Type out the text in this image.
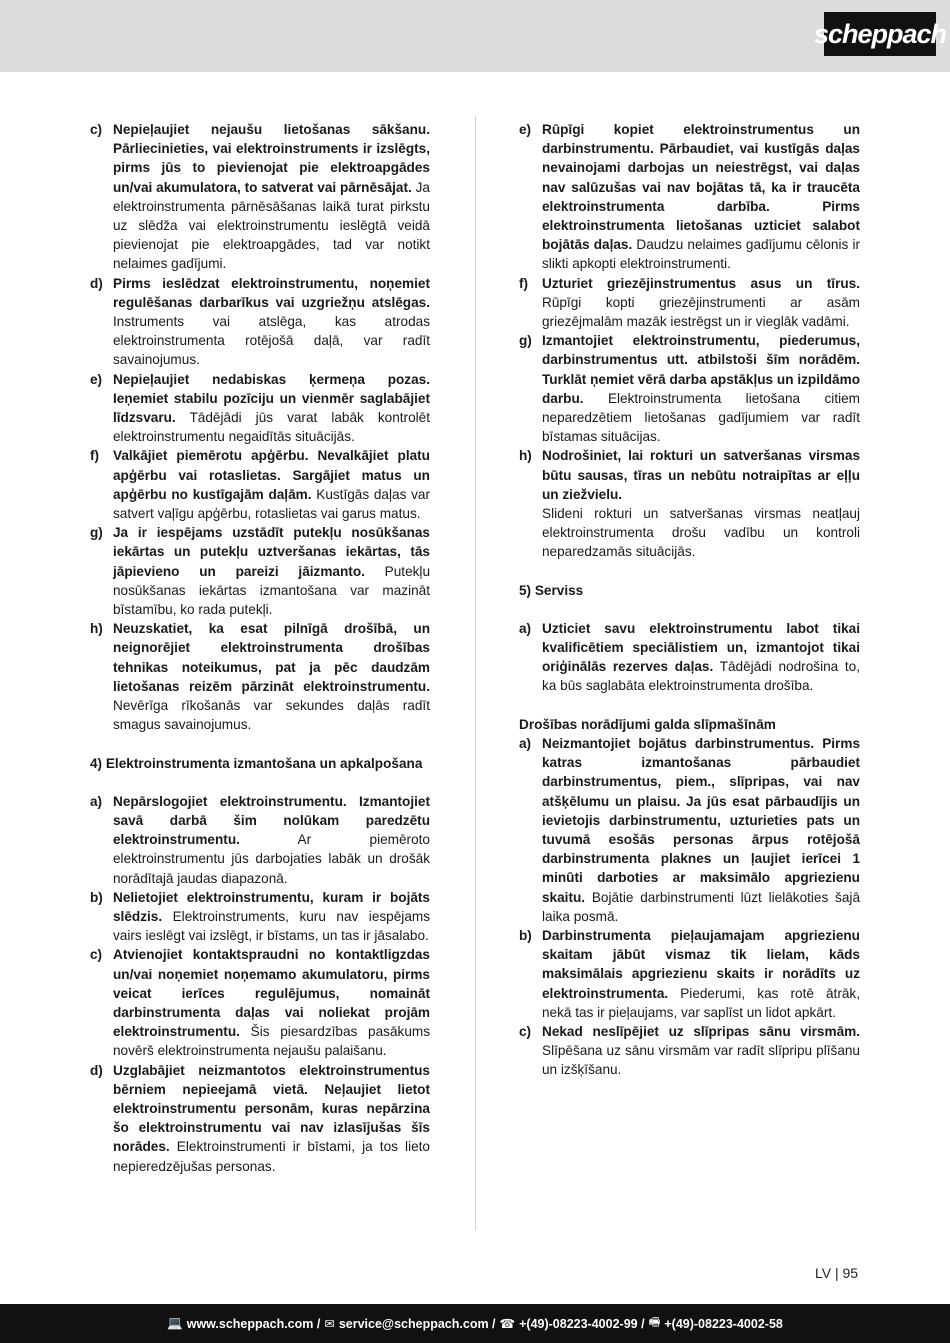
scheppach
c) Nepieļaujiet nejaušu lietošanas sākšanu. Pārliecinieties, vai elektroinstruments ir izslēgts, pirms jūs to pievienojat pie elektroapgādes un/vai akumulatora, to satverat vai pārnēsājat. Ja elektroinstrumenta pārnēsāšanas laikā turat pirkstu uz slēdža vai elektroinstrumentu ieslēgtā veidā pievienojat pie elektroapgādes, tad var notikt nelaimes gadījumi.
d) Pirms ieslēdzat elektroinstrumentu, noņemiet regulēšanas darbarīkus vai uzgriežņu atslēgas. Instruments vai atslēga, kas atrodas elektroinstrumenta rotējošā daļā, var radīt savainojumus.
e) Nepieļaujiet nedabiskas ķermeņa pozas. Ieņemiet stabilu pozīciju un vienmēr saglabājiet līdzsvaru. Tādējādi jūs varat labāk kontrolēt elektroinstrumentu negaidītās situācijās.
f)	Valkājiet piemērotu apģērbu. Nevalkājiet platu apģērbu vai rotaslietas. Sargājiet matus un apģērbu no kustīgajām daļām. Kustīgās daļas var satvert vaļīgu apģērbu, rotaslietas vai garus matus.
g) Ja ir iespējams uzstādīt putekļu nosūkšanas iekārtas un putekļu uztveršanas iekārtas, tās jāpievieno un pareizi jāizmanto. Putekļu nosūkšanas iekārtas izmantošana var mazināt bīstamību, ko rada putekļi.
h) Neuzskatiet, ka esat pilnīgā drošībā, un neignorējiet elektroinstrumenta drošības tehnikas noteikumus, pat ja pēc daudzām lietošanas reizēm pārzināt elektroinstrumentu. Nevērīga rīkošanās var sekundes daļās radīt smagus savainojumus.
4) Elektroinstrumenta izmantošana un apkalpošana
a) Nepārslogojiet elektroinstrumentu. Izmantojiet savā darbā šim nolūkam paredzētu elektroinstrumentu. Ar piemēroto elektroinstrumentu jūs darbojaties labāk un drošāk norādītajā jaudas diapazonā.
b) Nelietojiet elektroinstrumentu, kuram ir bojāts slēdzis. Elektroinstruments, kuru nav iespējams vairs ieslēgt vai izslēgt, ir bīstams, un tas ir jāsalabo.
c) Atvienojiet kontaktspraudni no kontaktligzdas un/vai noņemiet noņemamo akumulatoru, pirms veicat ierīces regulējumus, nomaināt darbinstrumenta daļas vai noliekat projām elektroinstrumentu. Šis piesardzības pasākums novērš elektroinstrumenta nejaušu palaišanu.
d) Uzglabājiet neizmantotos elektroinstrumentus bērniem nepieejamā vietā. Neļaujiet lietot elektroinstrumentu personām, kuras nepārzina šo elektroinstrumentu vai nav izlasījušas šīs norādes. Elektroinstrumenti ir bīstami, ja tos lieto nepieredzējušas personas.
e) Rūpīgi kopiet elektroinstrumentus un darbinstrumentu. Pārbaudiet, vai kustīgās daļas nevainojami darbojas un neiestrēgst, vai daļas nav salūzušas vai nav bojātas tā, ka ir traucēta elektroinstrumenta darbība. Pirms elektroinstrumenta lietošanas uzticiet salabot bojātās daļas. Daudzu nelaimes gadījumu cēlonis ir slikti apkopti elektroinstrumenti.
f)	Uzturiet griezējinstrumentus asus un tīrus. Rūpīgi kopti griezējinstrumenti ar asām griezējmalām mazāk iestrēgst un ir vieglāk vadāmi.
g) Izmantojiet elektroinstrumentu, piederumus, darbinstrumentus utt. atbilstoši šīm norādēm. Turklāt ņemiet vērā darba apstākļus un izpildāmo darbu. Elektroinstrumenta lietošana citiem neparedzētiem lietošanas gadījumiem var radīt bīstamas situācijas.
h) Nodrošiniet, lai rokturi un satveršanas virsmas būtu sausas, tīras un nebūtu notraipītas ar eļļu un ziežvielu.
Slideni rokturi un satveršanas virsmas neatļauj elektroinstrumenta drošu vadību un kontroli neparedzamās situācijās.

5) Serviss

a) Uzticiet savu elektroinstrumentu labot tikai kvalificētiem speciālistiem un, izmantojot tikai oriģinālās rezerves daļas. Tādējādi nodrošina to, ka būs saglabāta elektroinstrumenta drošība.

Drošības norādījumi galda slīpmašīnām

a) Neizmantojiet bojātus darbinstrumentus. Pirms katras izmantošanas pārbaudiet darbinstrumentus, piem., slīpripas, vai nav atšķēlumu un plaisu. Ja jūs esat pārbaudījis un ievietojis darbinstrumentu, uzturieties pats un tuvumā esošās personas ārpus rotējošā darbinstrumenta plaknes un ļaujiet ierīcei 1 minūti darboties ar maksimālo apgriezienu skaitu. Bojātie darbinstrumenti lūzt lielākoties šajā laika posmā.
b) Darbinstrumenta pieļaujamajam apgriezienu skaitam jābūt vismaz tik lielam, kāds maksimālais apgriezienu skaits ir norādīts uz elektroinstrumenta. Piederumi, kas rotē ātrāk, nekā tas ir pieļaujams, var saplīst un lidot apkārt.
c) Nekad neslīpējiet uz slīpripas sānu virsmām. Slīpēšana uz sānu virsmām var radīt slīpripu plīšanu un izšķīšanu.
LV | 95
💻 www.scheppach.com / ✉ service@scheppach.com / ☎ +(49)-08223-4002-99 / 🖷 +(49)-08223-4002-58
